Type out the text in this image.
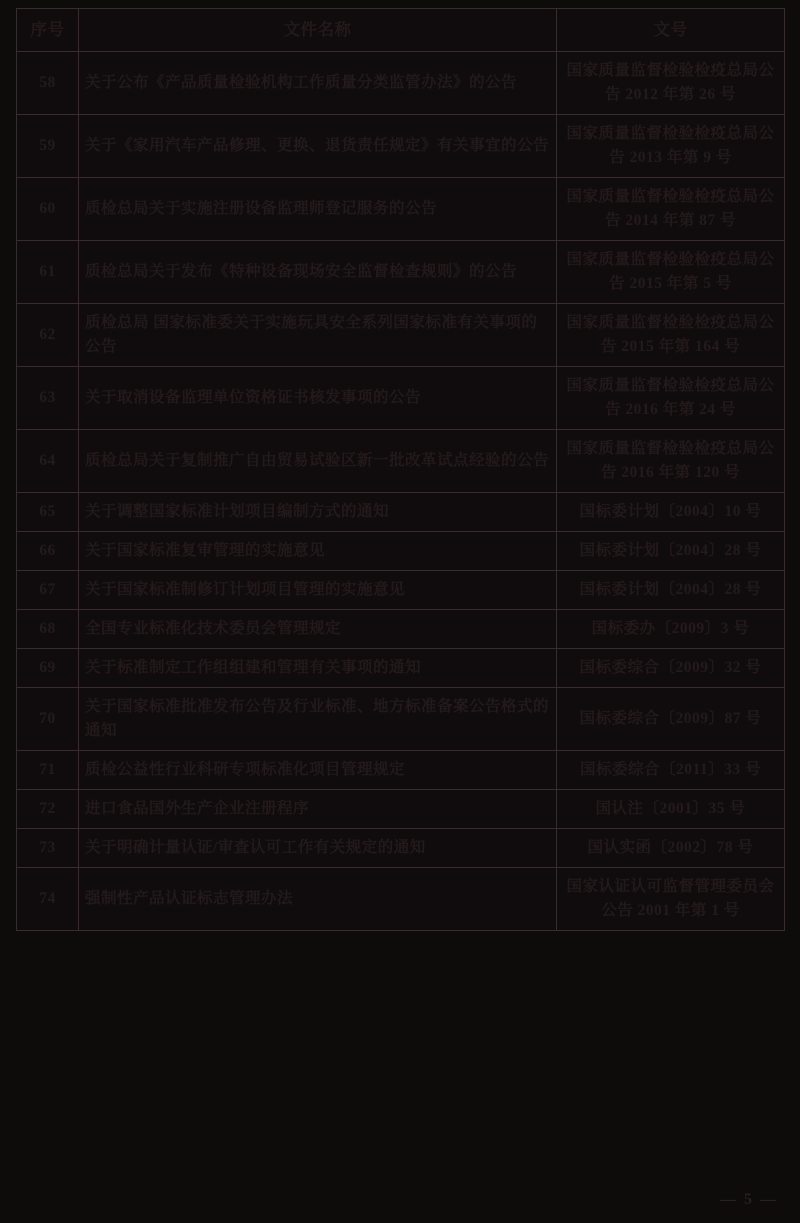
序号	文件名称	文号
58	关于公布《产品质量检验机构工作质量分类监管办法》的公告	国家质量监督检验检疫总局公告 2012 年第 26 号
59	关于《家用汽车产品修理、更换、退货责任规定》有关事宜的公告	国家质量监督检验检疫总局公告 2013 年第 9 号
60	质检总局关于实施注册设备监理师登记服务的公告	国家质量监督检验检疫总局公告 2014 年第 87 号
61	质检总局关于发布《特种设备现场安全监督检查规则》的公告	国家质量监督检验检疫总局公告 2015 年第 5 号
62	质检总局 国家标准委关于实施玩具安全系列国家标准有关事项的公告	国家质量监督检验检疫总局公告 2015 年第 164 号
63	关于取消设备监理单位资格证书核发事项的公告	国家质量监督检验检疫总局公告 2016 年第 24 号
64	质检总局关于复制推广自由贸易试验区新一批改革试点经验的公告	国家质量监督检验检疫总局公告 2016 年第 120 号
65	关于调整国家标准计划项目编制方式的通知	国标委计划〔2004〕10 号
66	关于国家标准复审管理的实施意见	国标委计划〔2004〕28 号
67	关于国家标准制修订计划项目管理的实施意见	国标委计划〔2004〕28 号
68	全国专业标准化技术委员会管理规定	国标委办〔2009〕3 号
69	关于标准制定工作组组建和管理有关事项的通知	国标委综合〔2009〕32 号
70	关于国家标准批准发布公告及行业标准、地方标准备案公告格式的通知	国标委综合〔2009〕87 号
71	质检公益性行业科研专项标准化项目管理规定	国标委综合〔2011〕33 号
72	进口食品国外生产企业注册程序	国认注〔2001〕35 号
73	关于明确计量认证/审查认可工作有关规定的通知	国认实函〔2002〕78 号
74	强制性产品认证标志管理办法	国家认证认可监督管理委员会公告 2001 年第 1 号
— 5 —
